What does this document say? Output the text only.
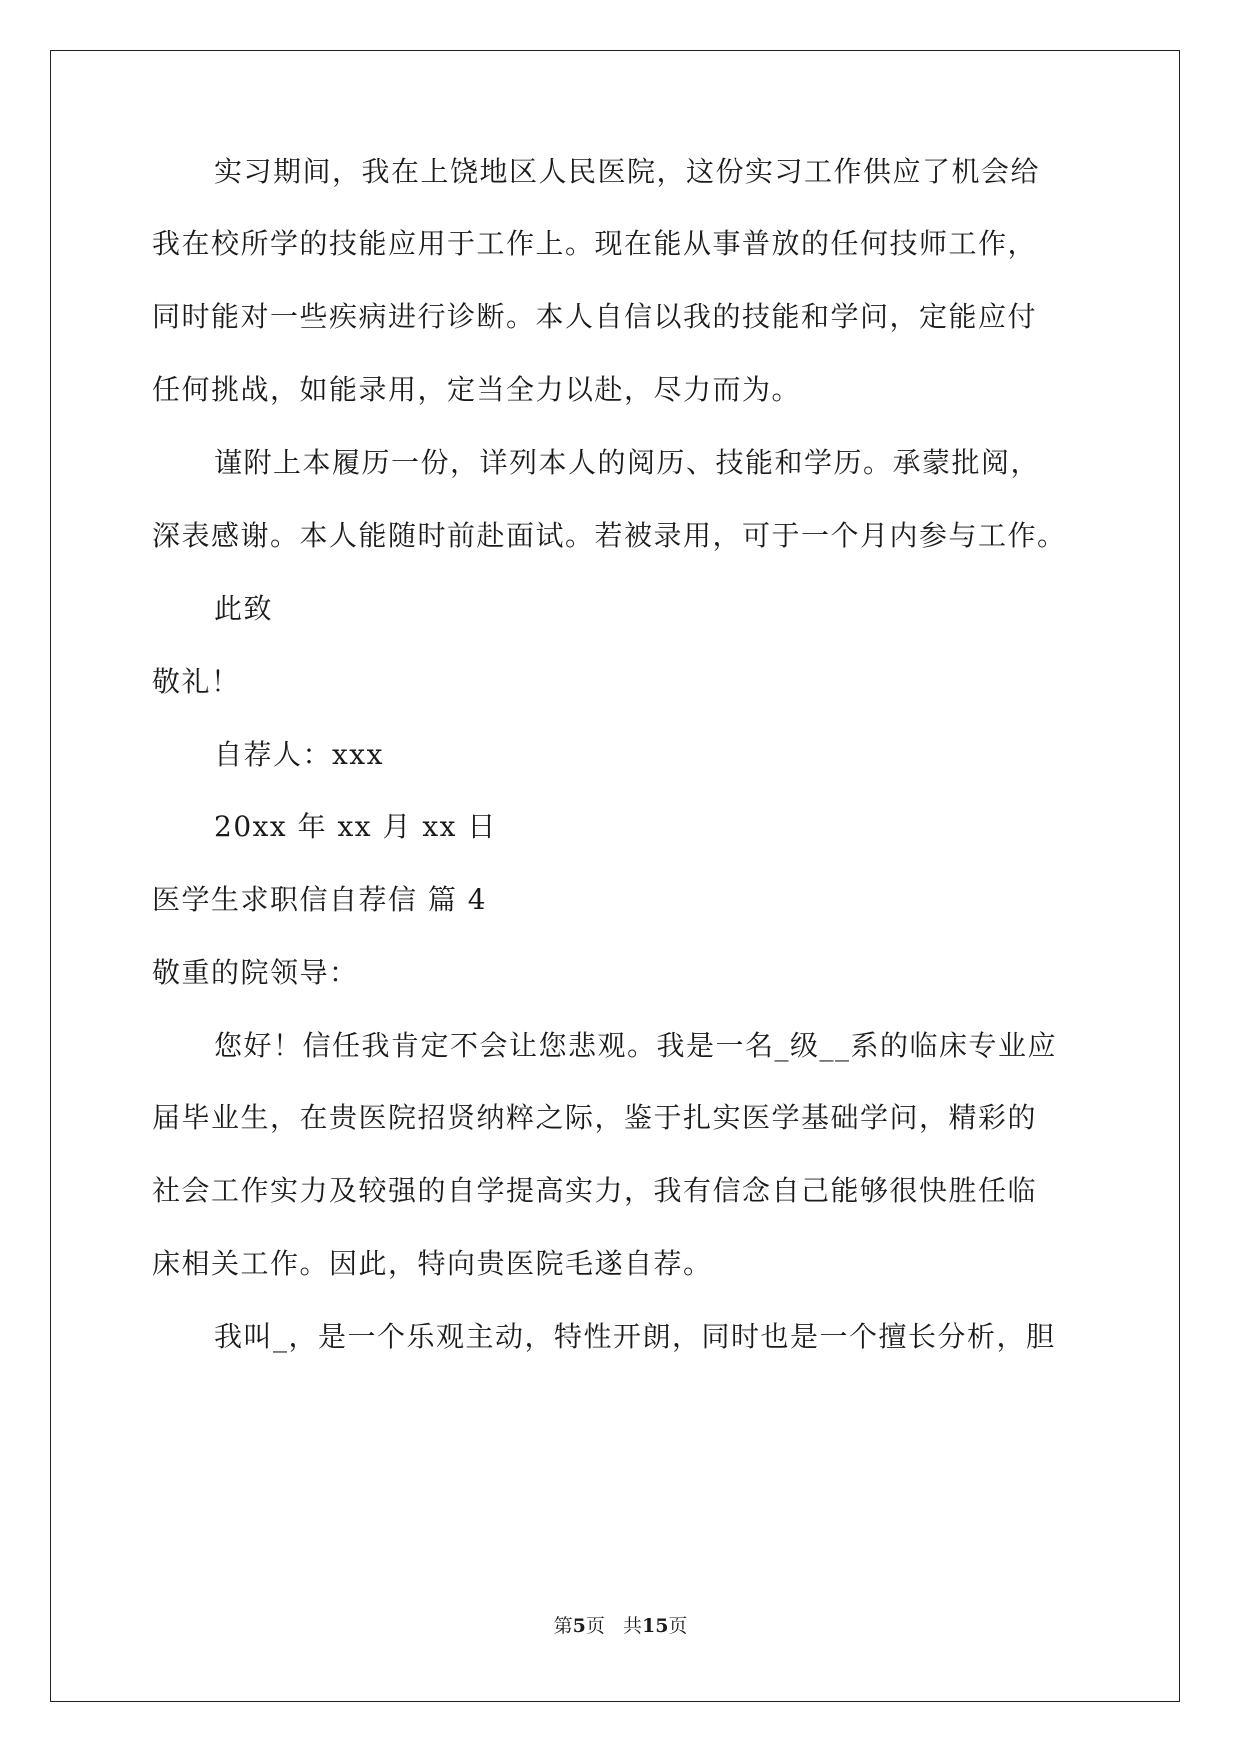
实习期间，我在上饶地区人民医院，这份实习工作供应了机会给
我在校所学的技能应用于工作上。现在能从事普放的任何技师工作，
同时能对一些疾病进行诊断。本人自信以我的技能和学问，定能应付
任何挑战，如能录用，定当全力以赴，尽力而为。
谨附上本履历一份，详列本人的阅历、技能和学历。承蒙批阅，
深表感谢。本人能随时前赴面试。若被录用，可于一个月内参与工作。
此致
敬礼！
自荐人：xxx
20xx 年 xx 月 xx 日
医学生求职信自荐信 篇 4
敬重的院领导：
您好！信任我肯定不会让您悲观。我是一名_级__系的临床专业应
届毕业生，在贵医院招贤纳粹之际，鉴于扎实医学基础学问，精彩的
社会工作实力及较强的自学提高实力，我有信念自己能够很快胜任临
床相关工作。因此，特向贵医院毛遂自荐。
我叫_，是一个乐观主动，特性开朗，同时也是一个擅长分析，胆
第5页 共15页
